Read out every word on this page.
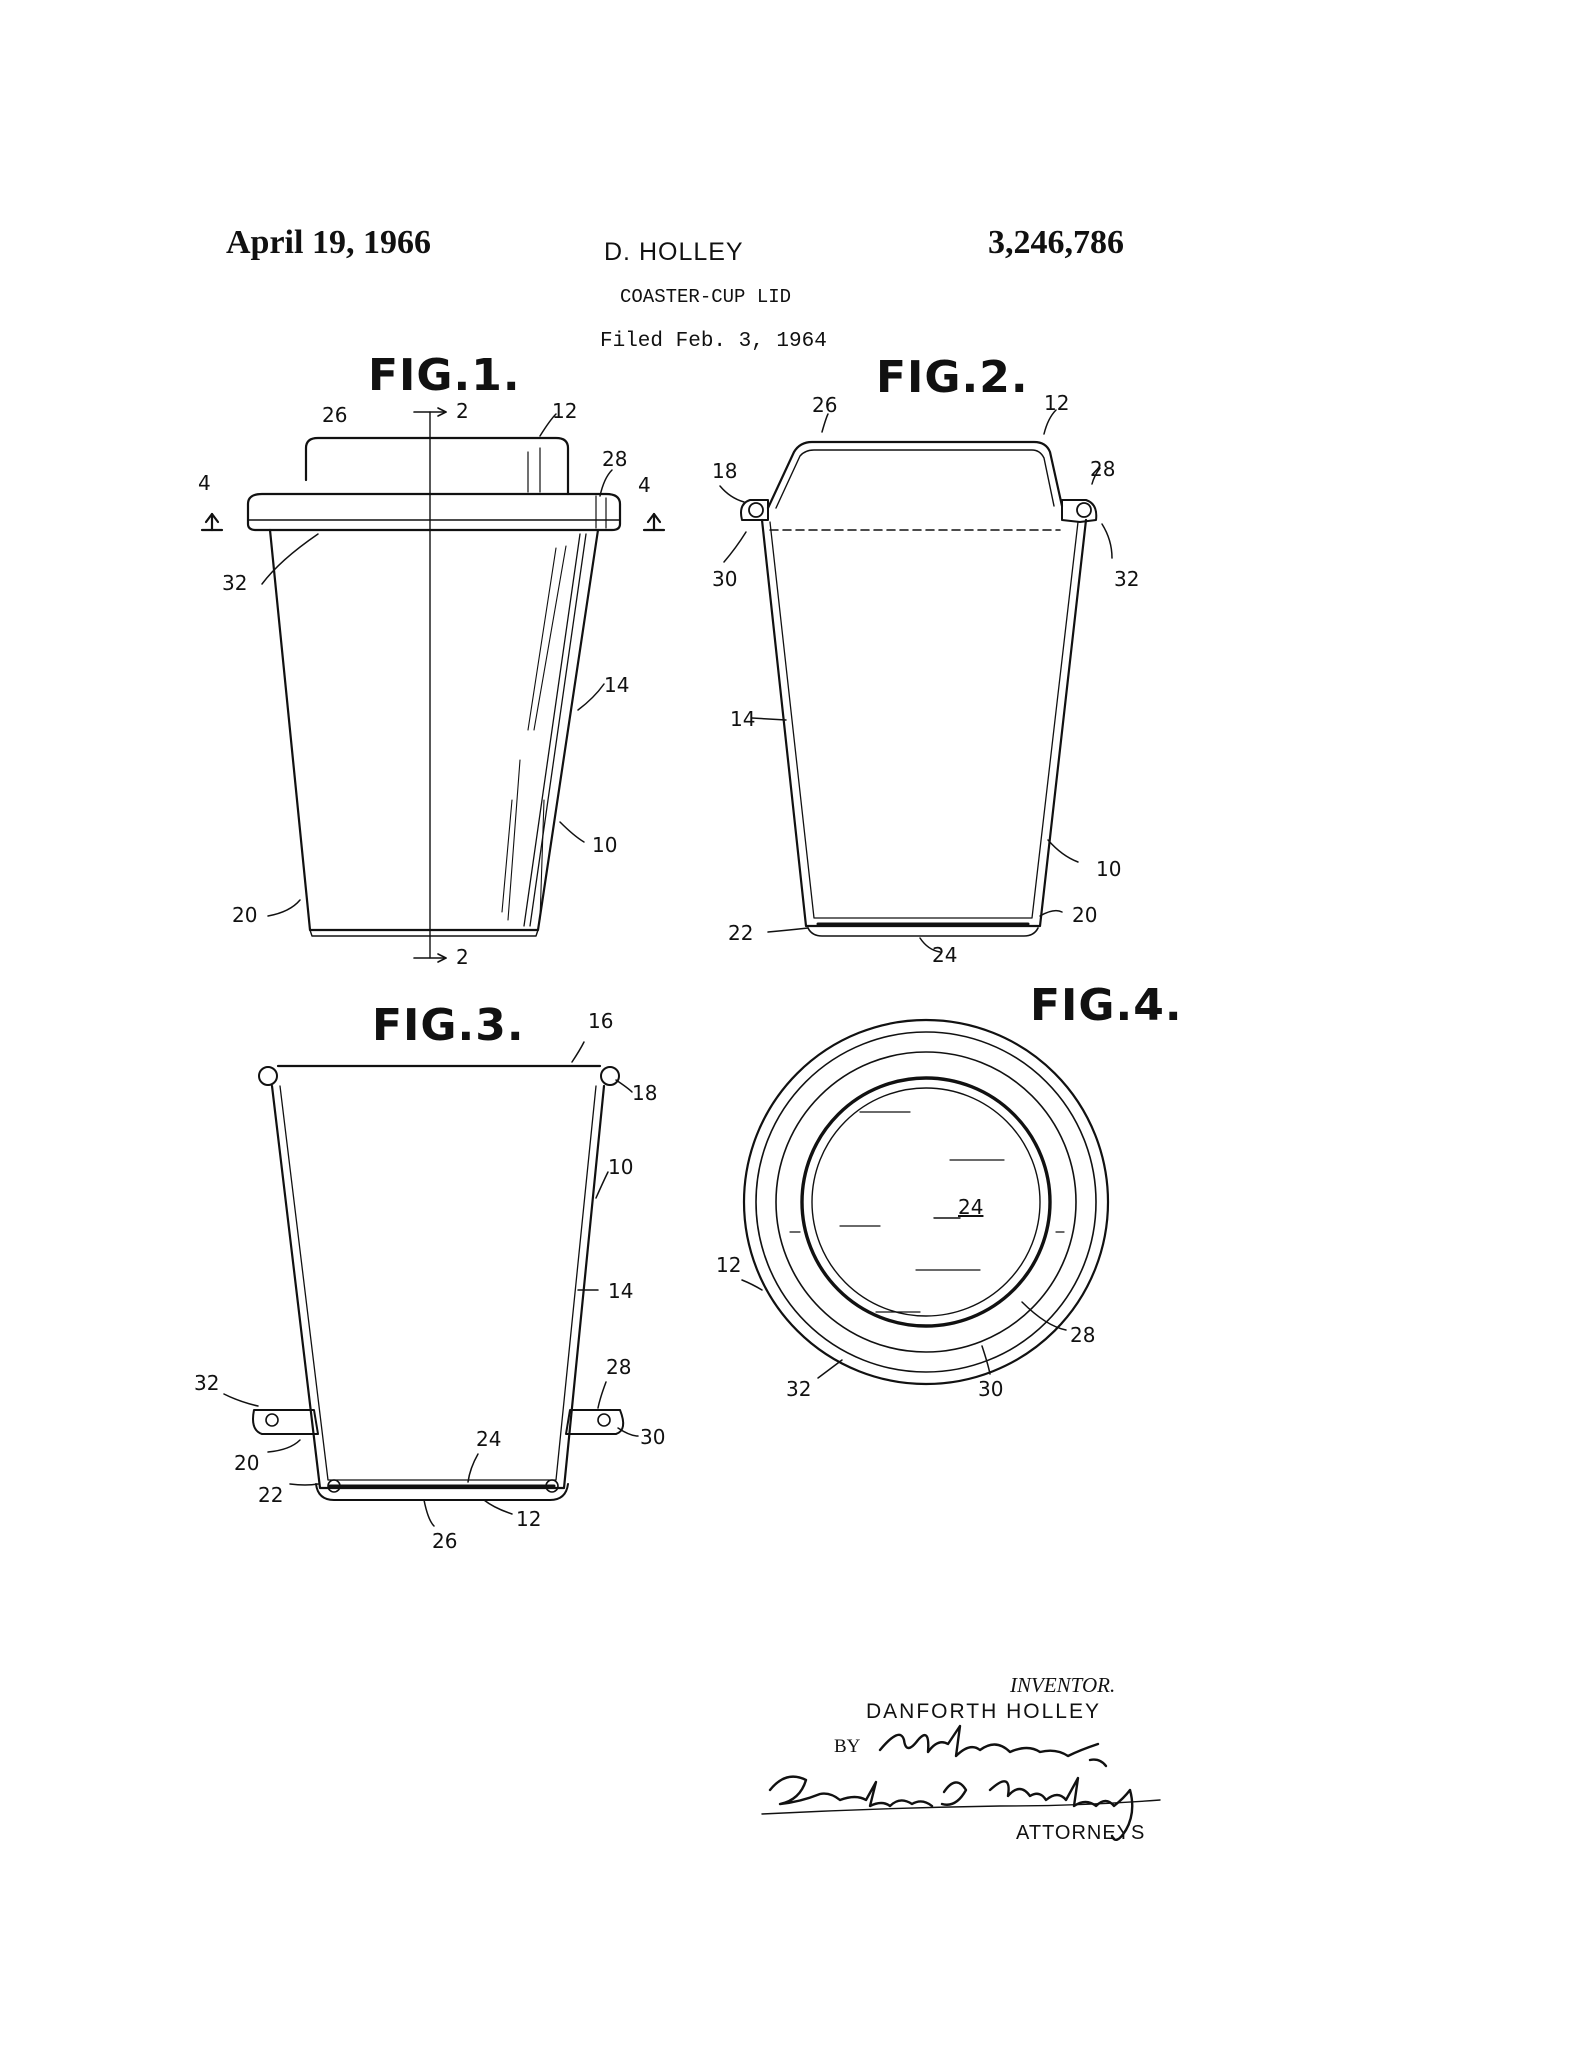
April 19, 1966	D. HOLLEY	3,246,786
COASTER-CUP LID
Filed Feb. 3, 1964
FIG.1.	FIG.2.
FIG.3.	FIG.4.
26	2	12
28
4	4
32
14
10
20
2
26	12
18	28
30	32
14
10
20
22
24
16
18
10
14
32
28
30
24
20
22
26
12
24
12
28
32	30
INVENTOR.
DANFORTH HOLLEY
BY
ATTORNEYS
